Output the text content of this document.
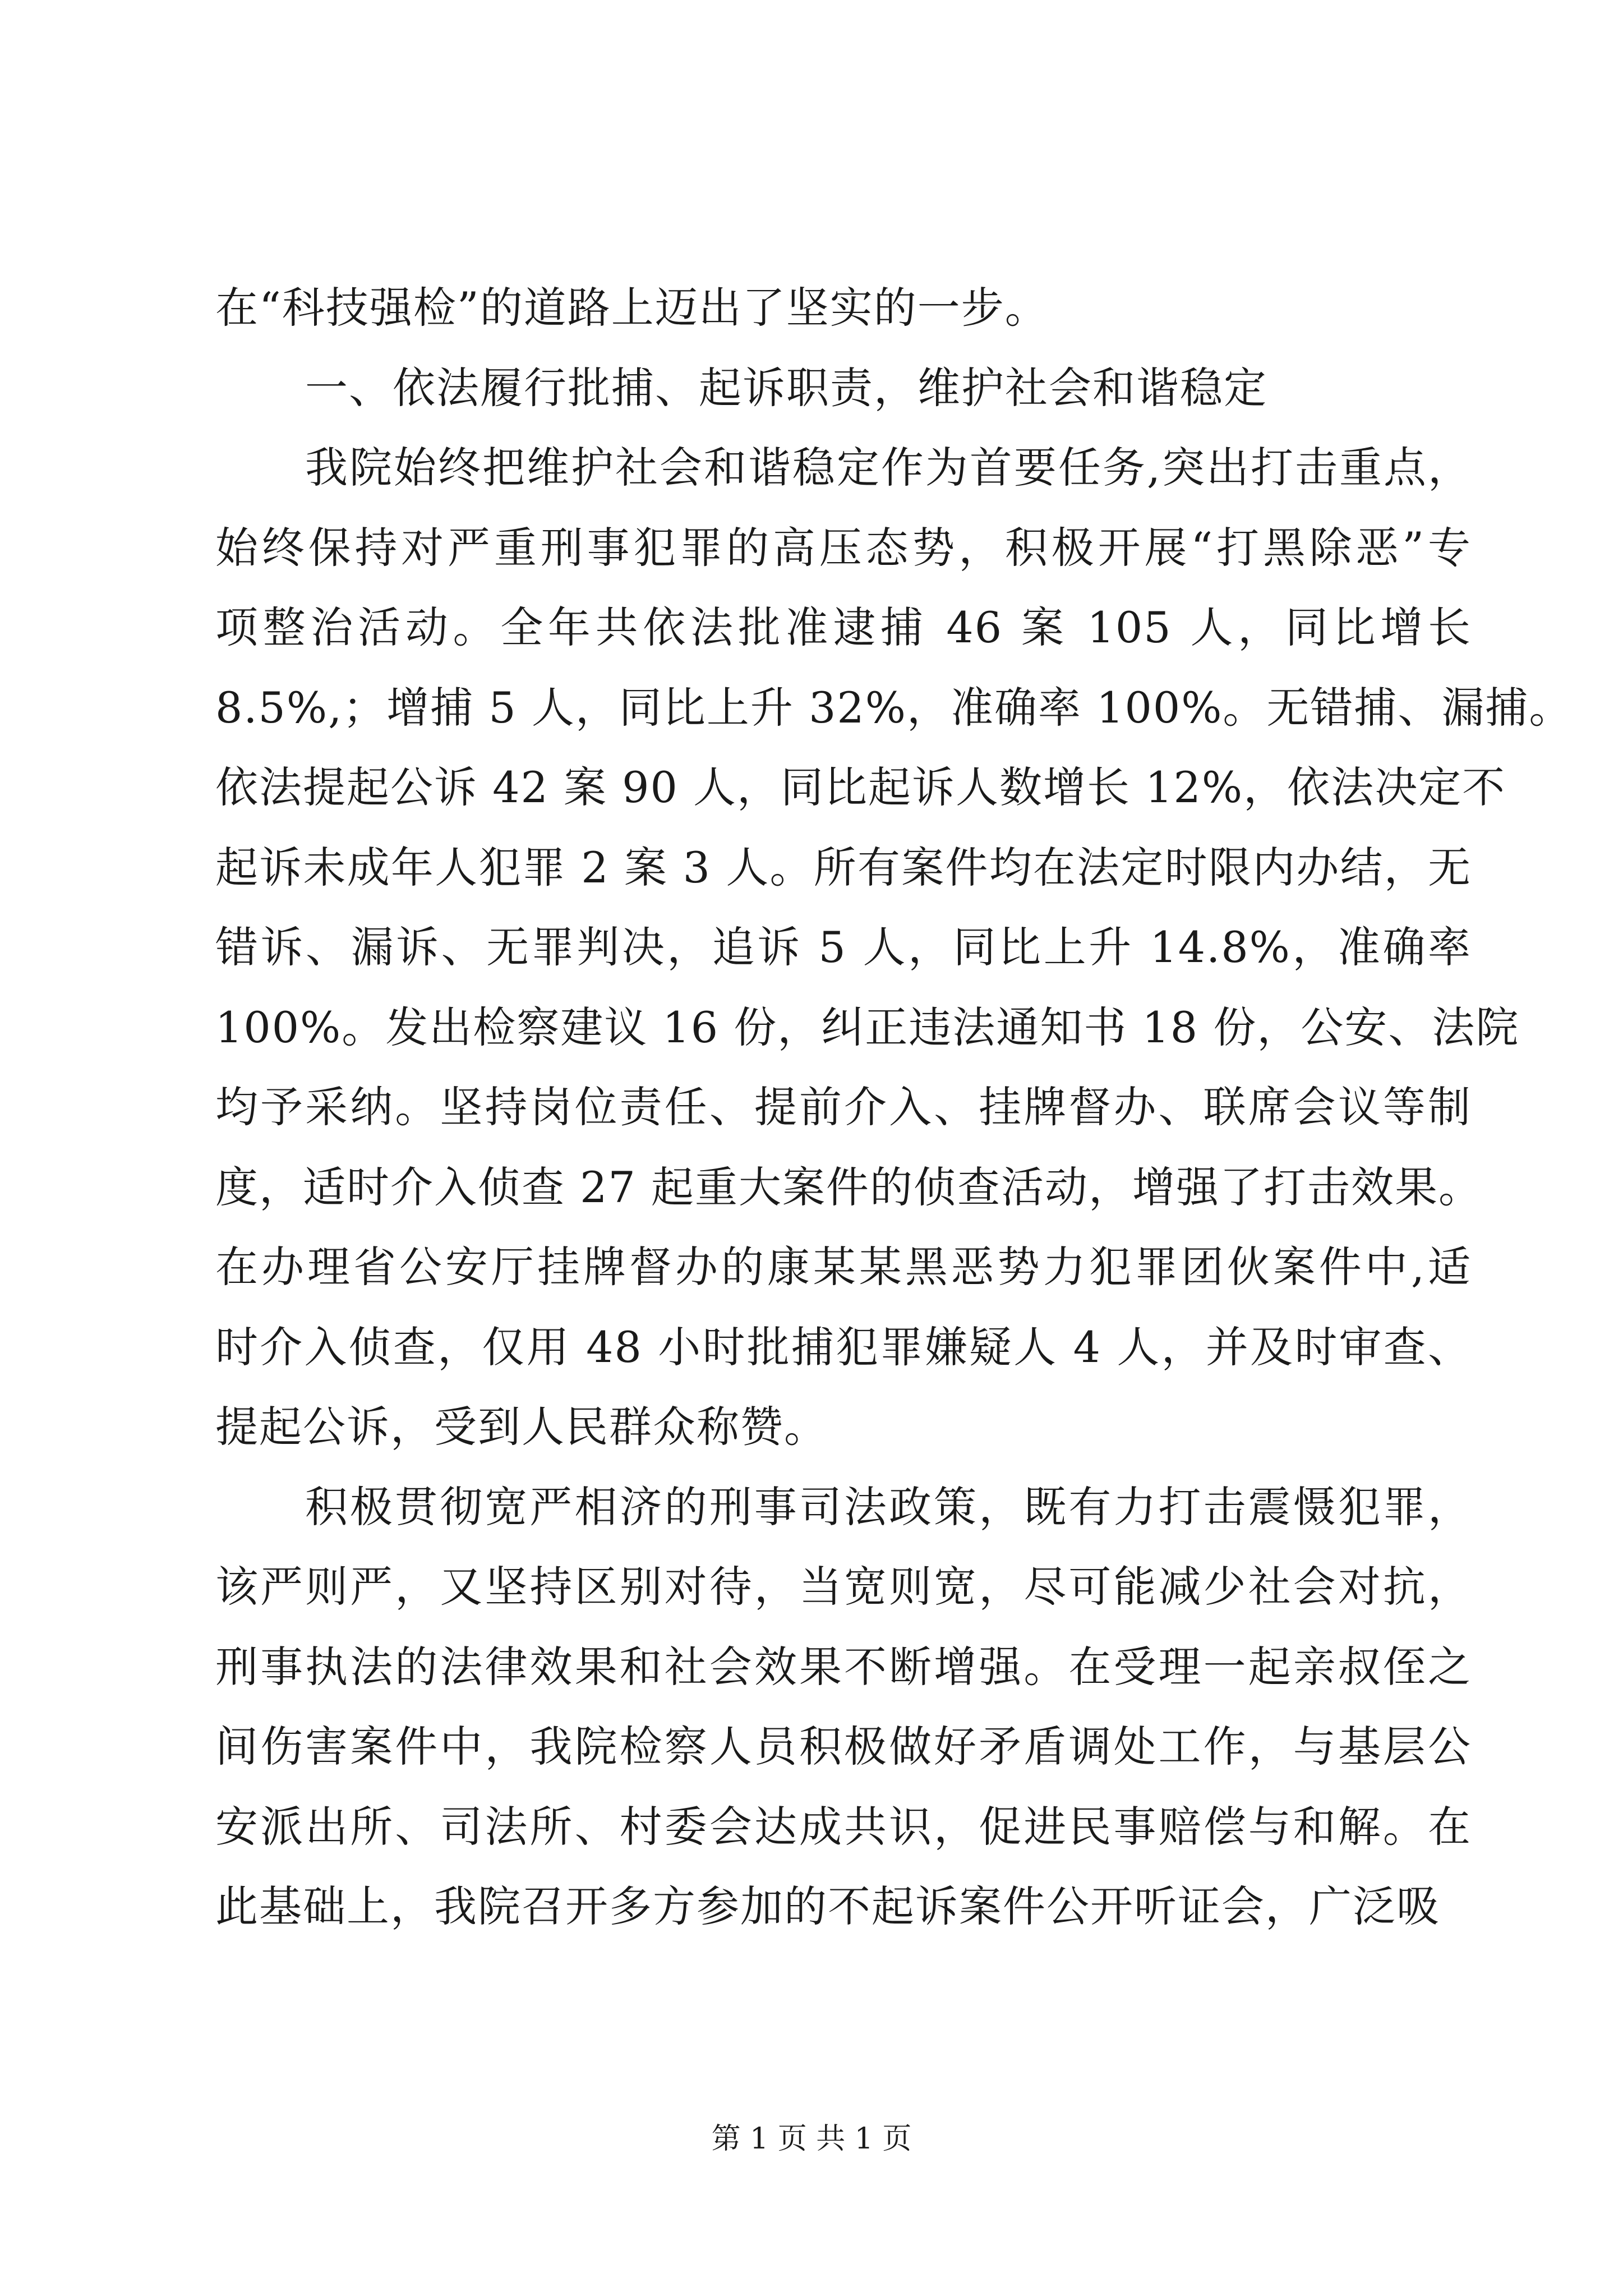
在“科技强检”的道路上迈出了坚实的一步。
一、依法履行批捕、起诉职责，维护社会和谐稳定
我院始终把维护社会和谐稳定作为首要任务,突出打击重点，
始终保持对严重刑事犯罪的高压态势，积极开展“打黑除恶”专
项整治活动。全年共依法批准逮捕 46 案 105 人，同比增长
8.5%,；增捕 5 人，同比上升 32%，准确率 100%。无错捕、漏捕。
依法提起公诉 42 案 90 人，同比起诉人数增长 12%，依法决定不
起诉未成年人犯罪 2 案 3 人。所有案件均在法定时限内办结，无
错诉、漏诉、无罪判决，追诉 5 人，同比上升 14.8%，准确率
100%。发出检察建议 16 份，纠正违法通知书 18 份，公安、法院
均予采纳。坚持岗位责任、提前介入、挂牌督办、联席会议等制
度，适时介入侦查 27 起重大案件的侦查活动，增强了打击效果。
在办理省公安厅挂牌督办的康某某黑恶势力犯罪团伙案件中,适
时介入侦查，仅用 48 小时批捕犯罪嫌疑人 4 人，并及时审查、
提起公诉，受到人民群众称赞。
积极贯彻宽严相济的刑事司法政策，既有力打击震慑犯罪，
该严则严，又坚持区别对待，当宽则宽，尽可能减少社会对抗，
刑事执法的法律效果和社会效果不断增强。在受理一起亲叔侄之
间伤害案件中，我院检察人员积极做好矛盾调处工作，与基层公
安派出所、司法所、村委会达成共识，促进民事赔偿与和解。在
此基础上，我院召开多方参加的不起诉案件公开听证会，广泛吸
第 1 页 共 1 页
